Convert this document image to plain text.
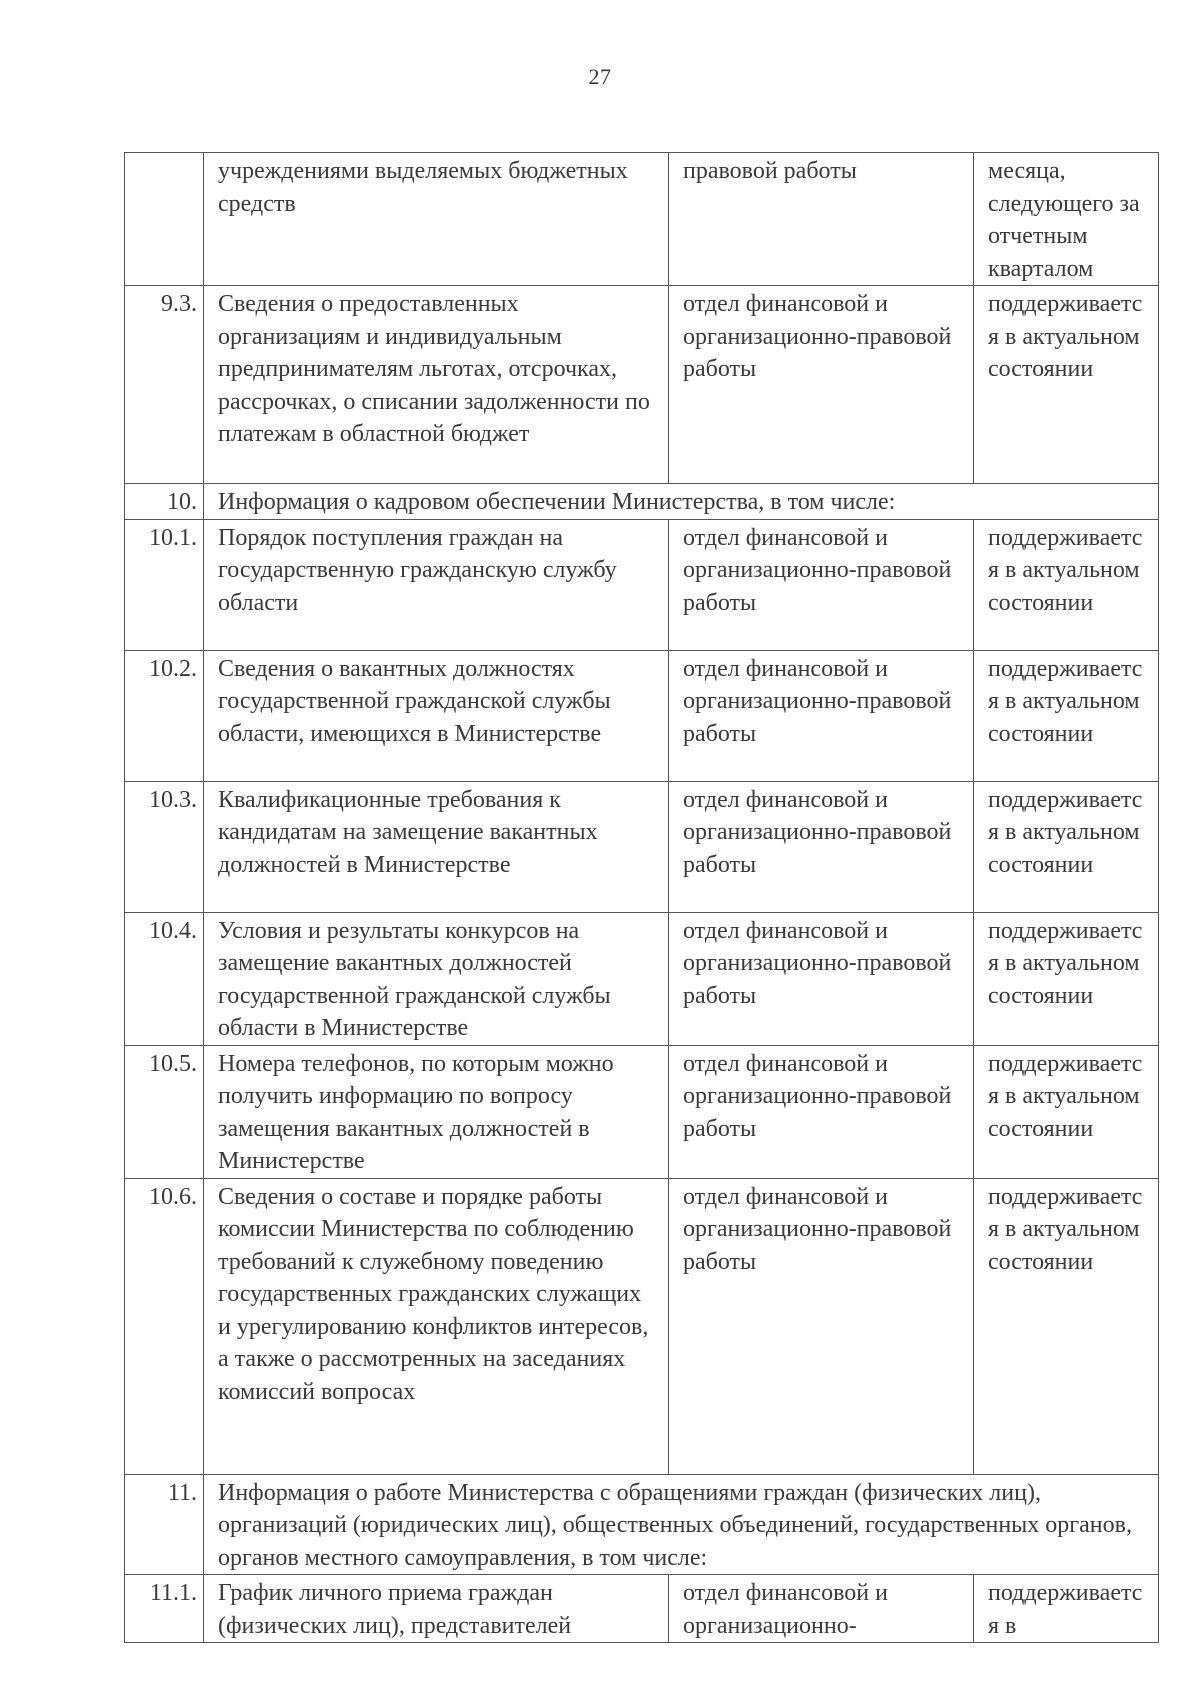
27
	учреждениями выделяемых бюджетных средств	правовой работы	месяца, следующего за отчетным кварталом
9.3.	Сведения о предоставленных организациям и индивидуальным предпринимателям льготах, отсрочках, рассрочках, о списании задолженности по платежам в областной бюджет	отдел финансовой и организационно-правовой работы	поддерживается в актуальном состоянии
10.	Информация о кадровом обеспечении Министерства, в том числе:		
10.1.	Порядок поступления граждан на государственную гражданскую службу области	отдел финансовой и организационно-правовой работы	поддерживается в актуальном состоянии
10.2.	Сведения о вакантных должностях государственной гражданской службы области, имеющихся в Министерстве	отдел финансовой и организационно-правовой работы	поддерживается в актуальном состоянии
10.3.	Квалификационные требования к кандидатам на замещение вакантных должностей в Министерстве	отдел финансовой и организационно-правовой работы	поддерживается в актуальном состоянии
10.4.	Условия и результаты конкурсов на замещение вакантных должностей государственной гражданской службы области в Министерстве	отдел финансовой и организационно-правовой работы	поддерживается в актуальном состоянии
10.5.	Номера телефонов, по которым можно получить информацию по вопросу замещения вакантных должностей в Министерстве	отдел финансовой и организационно-правовой работы	поддерживается в актуальном состоянии
10.6.	Сведения о составе и порядке работы комиссии Министерства по соблюдению требований к служебному поведению государственных гражданских служащих и урегулированию конфликтов интересов, а также о рассмотренных на заседаниях комиссий вопросах	отдел финансовой и организационно-правовой работы	поддерживается в актуальном состоянии
11.	Информация о работе Министерства с обращениями граждан (физических лиц), организаций (юридических лиц), общественных объединений, государственных органов, органов местного самоуправления, в том числе:		
11.1.	График личного приема граждан (физических лиц), представителей	отдел финансовой и организационно-	поддерживается в
